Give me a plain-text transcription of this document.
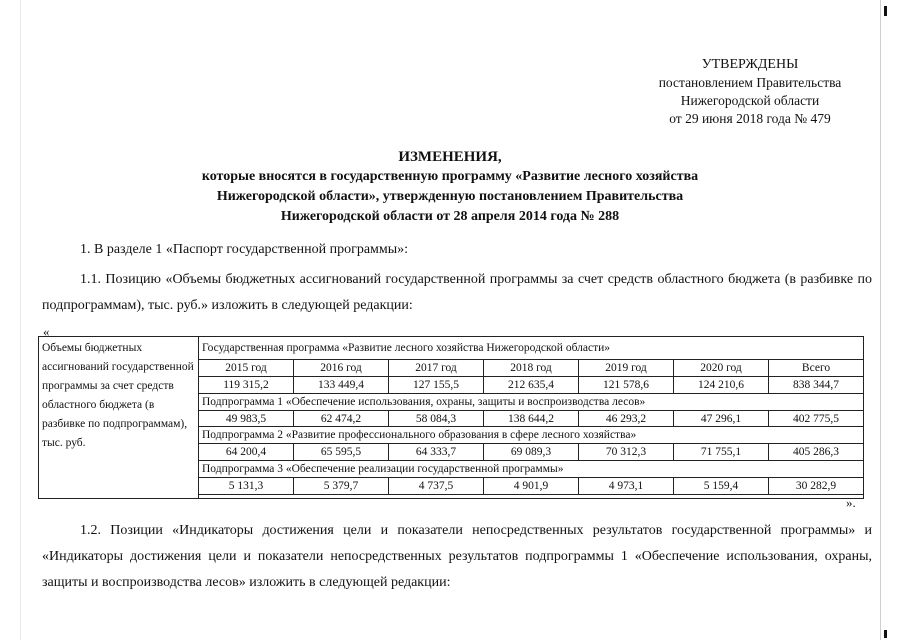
УТВЕРЖДЕНЫ
постановлением Правительства
Нижегородской области
от 29 июня 2018 года № 479
ИЗМЕНЕНИЯ,
которые вносятся в государственную программу «Развитие лесного хозяйства
Нижегородской области», утвержденную постановлением Правительства
Нижегородской области от 28 апреля 2014 года № 288
1. В разделе 1 «Паспорт государственной программы»:
1.1. Позицию «Объемы бюджетных ассигнований государственной программы за счет средств областного бюджета (в разбивке по подпрограммам), тыс. руб.» изложить в следующей редакции:
«
Объемы бюджетных ассигнований государственной программы за счет средств областного бюджета (в разбивке по подпрограммам), тыс. руб.	Государственная программа «Развитие лесного хозяйства Нижегородской области»						
	2015 год	2016 год	2017 год	2018 год	2019 год	2020 год	Всего
	119 315,2	133 449,4	127 155,5	212 635,4	121 578,6	124 210,6	838 344,7
	Подпрограмма 1 «Обеспечение использования, охраны, защиты и воспроизводства лесов»						
	49 983,5	62 474,2	58 084,3	138 644,2	46 293,2	47 296,1	402 775,5
	Подпрограмма 2 «Развитие профессионального образования в сфере лесного хозяйства»						
	64 200,4	65 595,5	64 333,7	69 089,3	70 312,3	71 755,1	405 286,3
	Подпрограмма 3 «Обеспечение реализации государственной программы»						
	5 131,3	5 379,7	4 737,5	4 901,9	4 973,1	5 159,4	30 282,9

».
1.2. Позиции «Индикаторы достижения цели и показатели непосредственных результатов государственной программы» и «Индикаторы достижения цели и показатели непосредственных результатов подпрограммы 1 «Обеспечение использования, охраны, защиты и воспроизводства лесов» изложить в следующей редакции:
